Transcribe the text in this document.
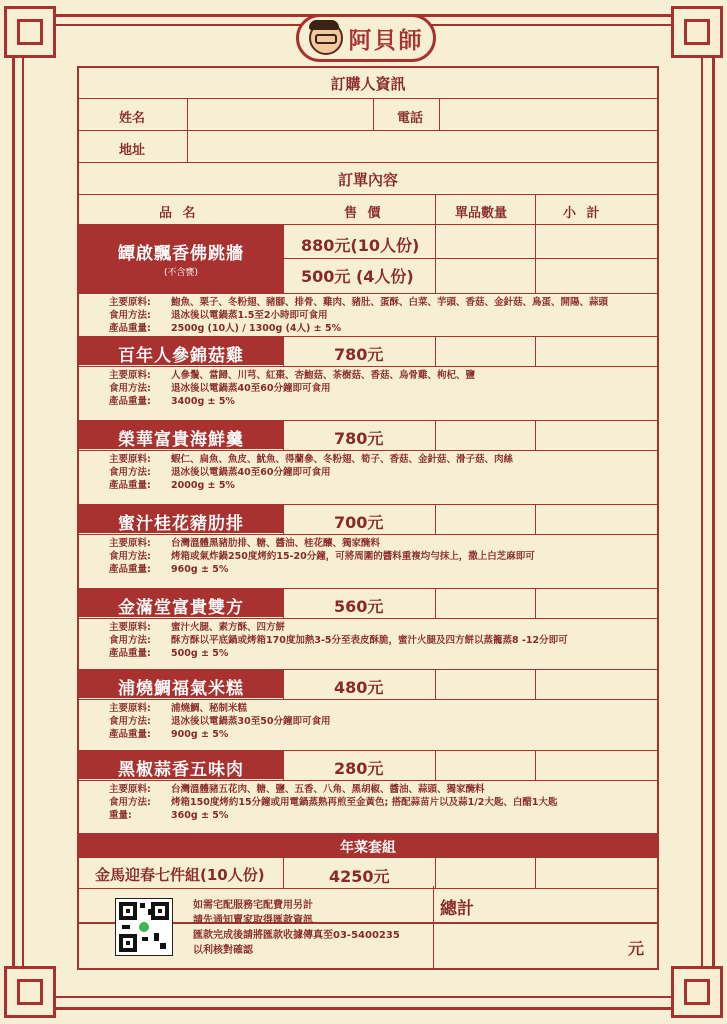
阿貝師
訂購人資訊
姓名	電話
地址
訂單內容
品 名	售 價	單品數量	小 計
罈啟飄香佛跳牆
(不含甕)
880元(10人份)
500元 (4人份)
主要原料: 鮑魚、栗子、冬粉翅、豬腳、排骨、雞肉、豬肚、蛋酥、白菜、芋頭、香菇、金針菇、鳥蛋、開陽、蒜頭
食用方法: 退冰後以電鍋蒸1.5至2小時即可食用
產品重量: 2500g (10人) / 1300g (4人) ± 5%
百年人參錦菇雞	780元
主要原料: 人參鬚、當歸、川芎、紅棗、杏鮑菇、茶樹菇、香菇、烏骨雞、枸杞、鹽
食用方法: 退冰後以電鍋蒸40至60分鐘即可食用
產品重量: 3400g ± 5%
榮華富貴海鮮羹	780元
主要原料: 蝦仁、扁魚、魚皮、魷魚、得蘭參、冬粉翅、筍子、香菇、金針菇、滑子菇、肉絲
食用方法: 退冰後以電鍋蒸40至60分鐘即可食用
產品重量: 2000g ± 5%
蜜汁桂花豬肋排	700元
主要原料: 台灣溫體黑豬肋排、糖、醬油、桂花釀、獨家醃料
食用方法: 烤箱或氣炸鍋250度烤約15-20分鐘，可將周圍的醬料重複均勻抹上，撒上白芝麻即可
產品重量: 960g ± 5%
金滿堂富貴雙方	560元
主要原料: 蜜汁火腿、素方酥、四方餅
食用方法: 酥方酥以平底鍋或烤箱170度加熱3-5分至表皮酥脆，蜜汁火腿及四方餅以蒸籠蒸8 -12分即可
產品重量: 500g ± 5%
浦燒鯛福氣米糕	480元
主要原料: 浦燒鯛、秘制米糕
食用方法: 退冰後以電鍋蒸30至50分鐘即可食用
產品重量: 900g ± 5%
黑椒蒜香五味肉	280元
主要原料: 台灣溫體豬五花肉、糖、鹽、五香、八角、黑胡椒、醬油、蒜頭、獨家醃料
食用方法: 烤箱150度烤約15分鐘或用電鍋蒸熟再煎至金黃色; 搭配蒜苗片以及蒜1/2大匙、白醋1大匙
重量:	360g ± 5%
年菜套組
金馬迎春七件組(10人份)	4250元
如需宅配服務宅配費用另計
請先通知賣家取得匯款資訊
匯款完成後請將匯款收據傳真至03-5400235
以利核對確認
總計
元
